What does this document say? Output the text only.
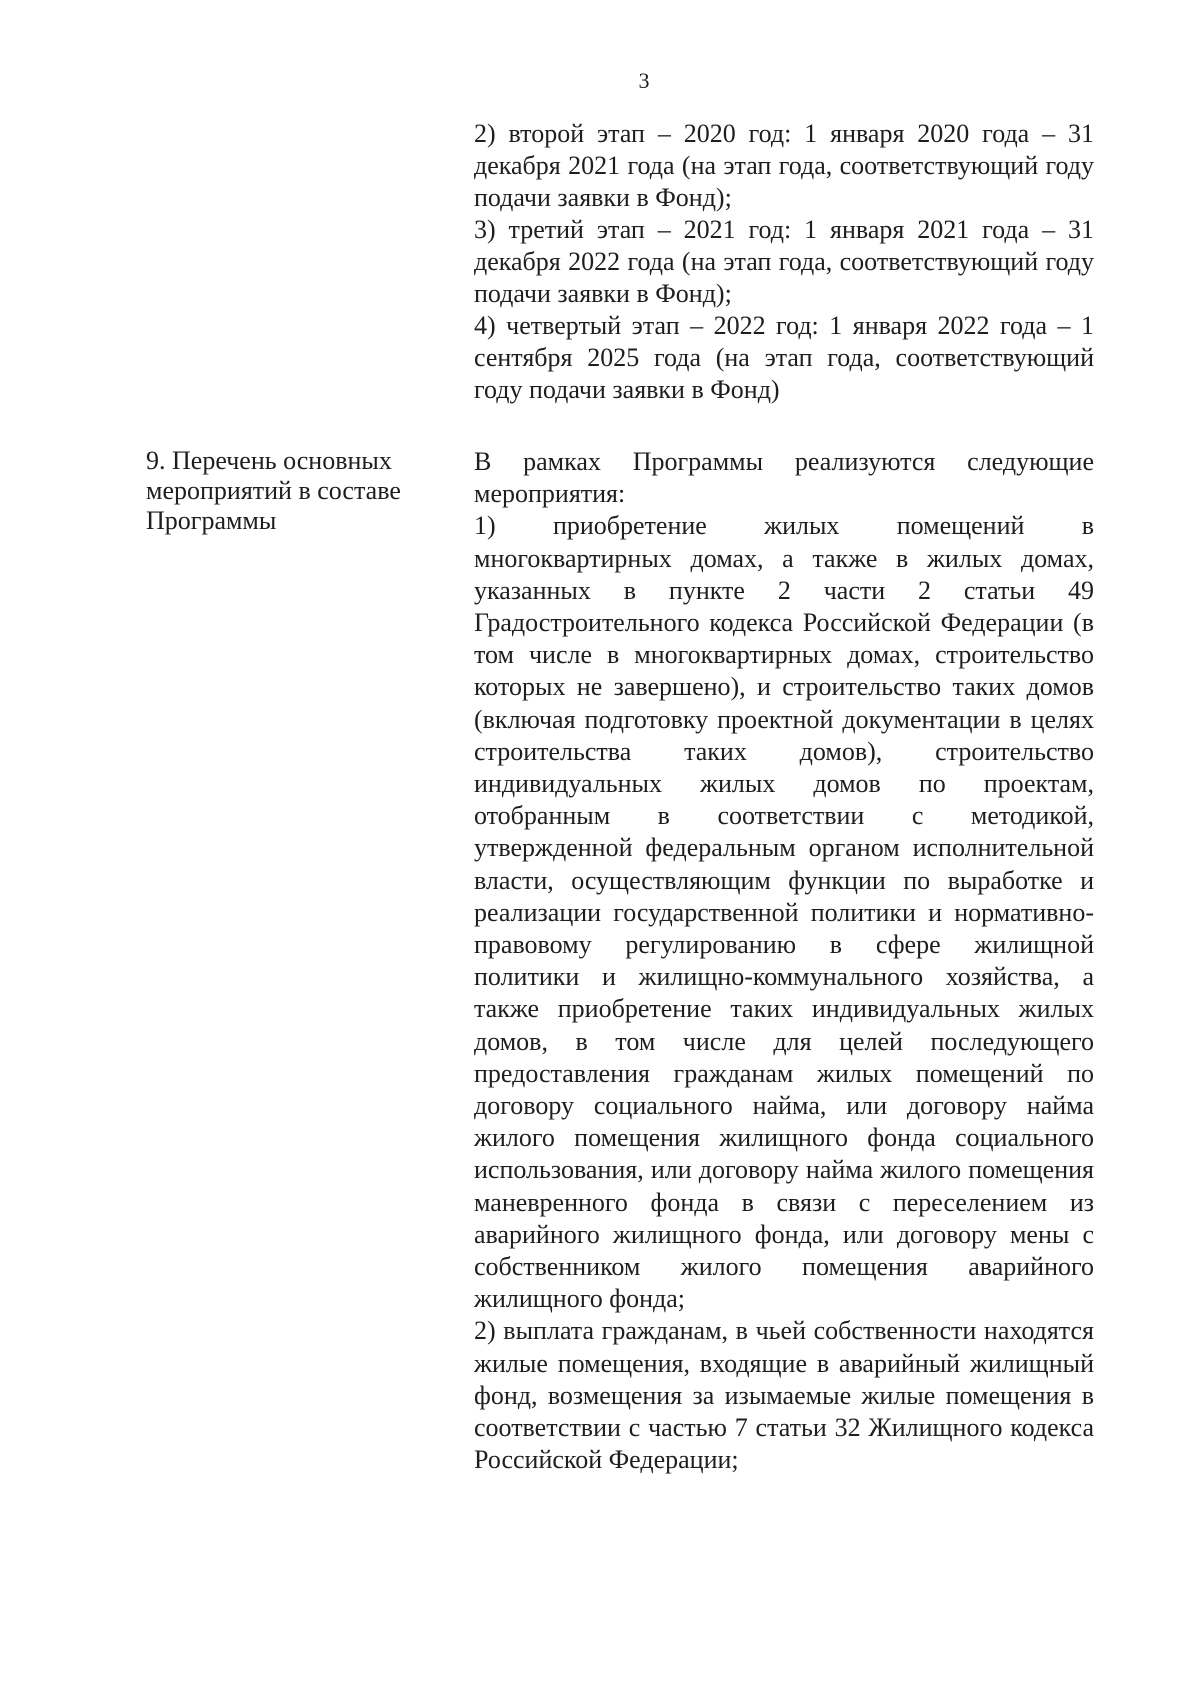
3

2) второй этап – 2020 год: 1 января 2020 года – 31 декабря 2021 года (на этап года, соответствующий году подачи заявки в Фонд);

3) третий этап – 2021 год: 1 января 2021 года – 31 декабря 2022 года (на этап года, соответствующий году подачи заявки в Фонд);

4) четвертый этап – 2022 год: 1 января 2022 года – 1 сентября 2025 года (на этап года, соответствующий году подачи заявки в Фонд)

9. Перечень основных мероприятий в составе Программы

В рамках Программы реализуются следующие мероприятия:

1) приобретение жилых помещений в многоквартирных домах, а также в жилых домах, указанных в пункте 2 части 2 статьи 49 Градостроительного кодекса Российской Федерации (в том числе в многоквартирных домах, строительство которых не завершено), и строительство таких домов (включая подготовку проектной документации в целях строительства таких домов), строительство индивидуальных жилых домов по проектам, отобранным в соответствии с методикой, утвержденной федеральным органом исполнительной власти, осуществляющим функции по выработке и реализации государственной политики и нормативно-правовому регулированию в сфере жилищной политики и жилищно-коммунального хозяйства, а также приобретение таких индивидуальных жилых домов, в том числе для целей последующего предоставления гражданам жилых помещений по договору социального найма, или договору найма жилого помещения жилищного фонда социального использования, или договору найма жилого помещения маневренного фонда в связи с переселением из аварийного жилищного фонда, или договору мены с собственником жилого помещения аварийного жилищного фонда;

2) выплата гражданам, в чьей собственности находятся жилые помещения, входящие в аварийный жилищный фонд, возмещения за изымаемые жилые помещения в соответствии с частью 7 статьи 32 Жилищного кодекса Российской Федерации;
